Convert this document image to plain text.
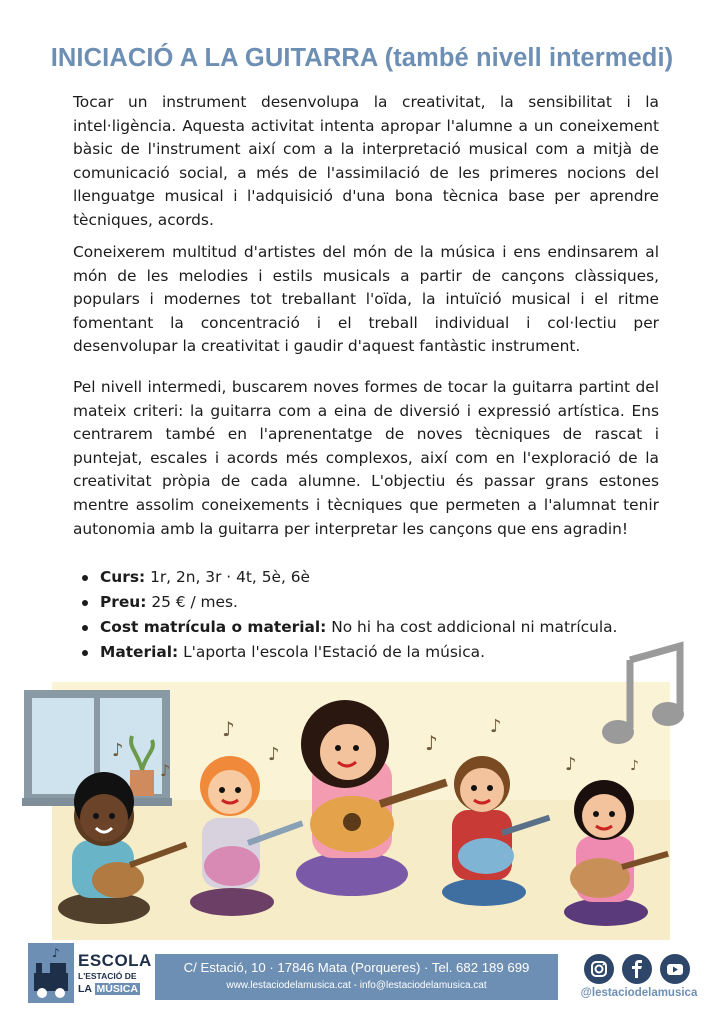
INICIACIÓ A LA GUITARRA (també nivell intermedi)

Tocar un instrument desenvolupa la creativitat, la sensibilitat i la intel·ligència. Aquesta activitat intenta apropar l'alumne a un coneixement bàsic de l'instrument així com a la interpretació musical com a mitjà de comunicació social, a més de l'assimilació de les primeres nocions del llenguatge musical i l'adquisició d'una bona tècnica base per aprendre tècniques, acords.

Coneixerem multitud d'artistes del món de la música i ens endinsarem al món de les melodies i estils musicals a partir de cançons clàssiques, populars i modernes tot treballant l'oïda, la intuïció musical i el ritme fomentant la concentració i el treball individual i col·lectiu per desenvolupar la creativitat i gaudir d'aquest fantàstic instrument.

Pel nivell intermedi, buscarem noves formes de tocar la guitarra partint del mateix criteri: la guitarra com a eina de diversió i expressió artística. Ens centrarem també en l'aprenentatge de noves tècniques de rascat i puntejat, escales i acords més complexos, així com en l'exploració de la creativitat pròpia de cada alumne. L'objectiu és passar grans estones mentre assolim coneixements i tècniques que permeten a l'alumnat tenir autonomia amb la guitarra per interpretar les cançons que ens agradin!

Curs: 1r, 2n, 3r · 4t, 5è, 6è
Preu: 25 € / mes.
Cost matrícula o material: No hi ha cost addicional ni matrícula.
Material: L'aporta l'escola l'Estació de la música.
♪
♪	♪
♪
♪
♪
♪	♪
♪ ESCOLA
L'ESTACIÓ DE
LA MÚSICA
C/ Estació, 10 · 17846 Mata (Porqueres) · Tel. 682 189 699
www.lestaciodelamusica.cat - info@lestaciodelamusica.cat
@lestaciodelamusica
